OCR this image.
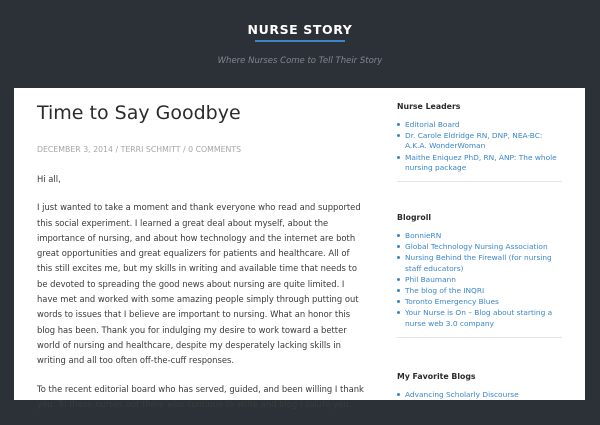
NURSE STORY
Where Nurses Come to Tell Their Story
Time to Say Goodbye
DECEMBER 3, 2014 / TERRI SCHMITT / 0 COMMENTS

Hi all,

I just wanted to take a moment and thank everyone who read and supported this social experiment. I learned a great deal about myself, about the importance of nursing, and about how technology and the internet are both great opportunities and great equalizers for patients and healthcare. All of this still excites me, but my skills in writing and available time that needs to be devoted to spreading the good news about nursing are quite limited. I have met and worked with some amazing people simply through putting out words to issues that I believe are important to nursing. What an honor this blog has been. Thank you for indulging my desire to work toward a better world of nursing and healthcare, despite my desperately lacking skills in writing and all too often off-the-cuff responses.

To the recent editorial board who has served, guided, and been willing I thank you. To those nurses out there who continue to write and blog I salute you.

Nurse Leaders
Editorial Board
Dr. Carole Eldridge RN, DNP, NEA-BC: A.K.A. WonderWoman
Maithe Eniquez PhD, RN, ANP: The whole nursing package
Blogroll
BonnieRN
Global Technology Nursing Association
Nursing Behind the Firewall (for nursing staff educators)
Phil Baumann
The blog of the INQRI
Toronto Emergency Blues
Your Nurse is On – Blog about starting a nurse web 3.0 company
My Favorite Blogs
Advancing Scholarly Discourse
